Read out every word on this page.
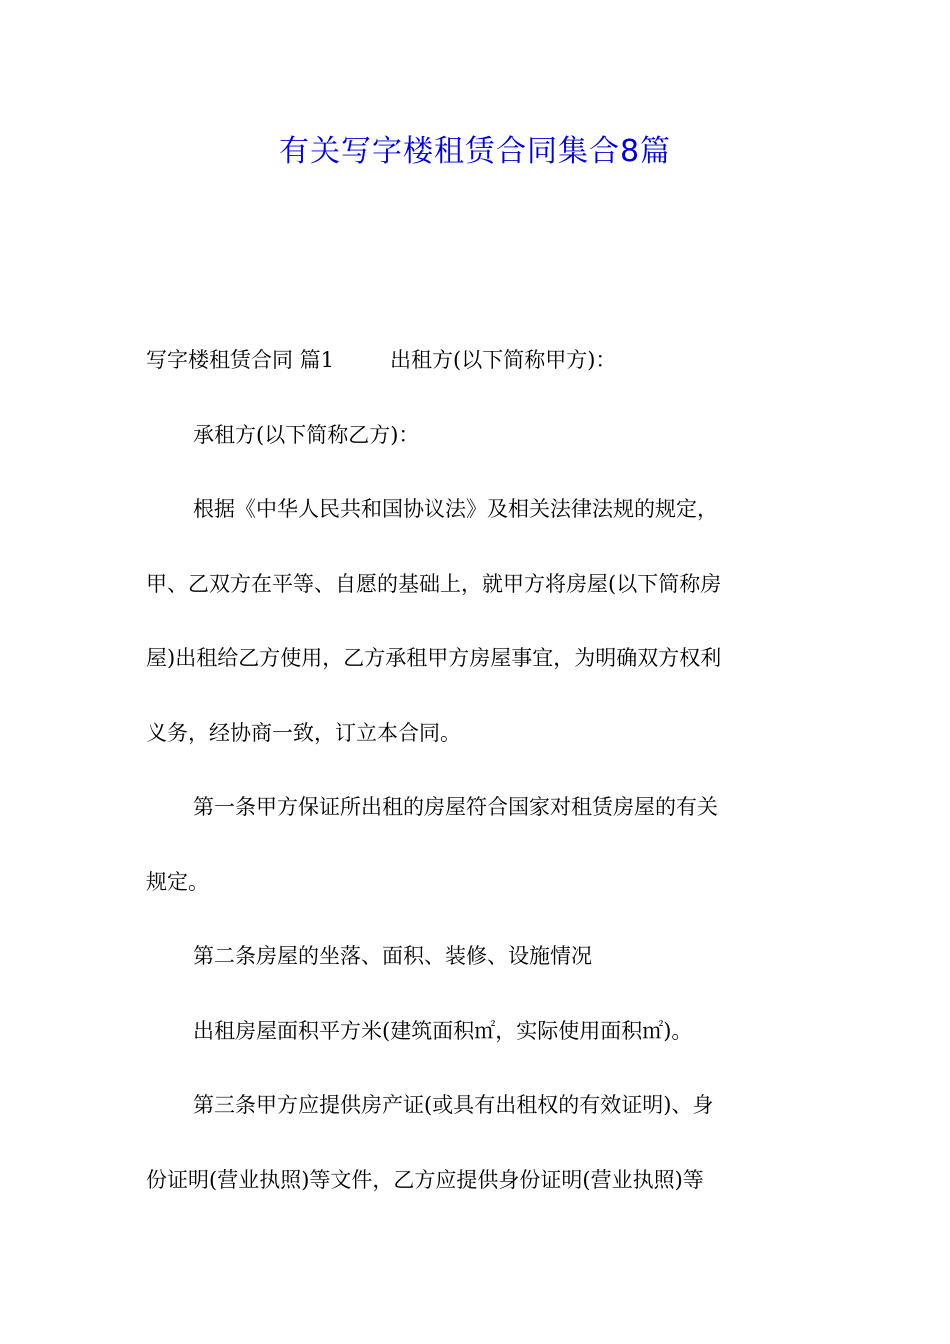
有关写字楼租赁合同集合8篇
写字楼租赁合同 篇1	出租方(以下简称甲方)：
承租方(以下简称乙方)：
根据《中华人民共和国协议法》及相关法律法规的规定，
甲、乙双方在平等、自愿的基础上，就甲方将房屋(以下简称房
屋)出租给乙方使用，乙方承租甲方房屋事宜，为明确双方权利
义务，经协商一致，订立本合同。
第一条甲方保证所出租的房屋符合国家对租赁房屋的有关
规定。
第二条房屋的坐落、面积、装修、设施情况
出租房屋面积平方米(建筑面积㎡，实际使用面积㎡)。
第三条甲方应提供房产证(或具有出租权的有效证明)、身
份证明(营业执照)等文件，乙方应提供身份证明(营业执照)等
